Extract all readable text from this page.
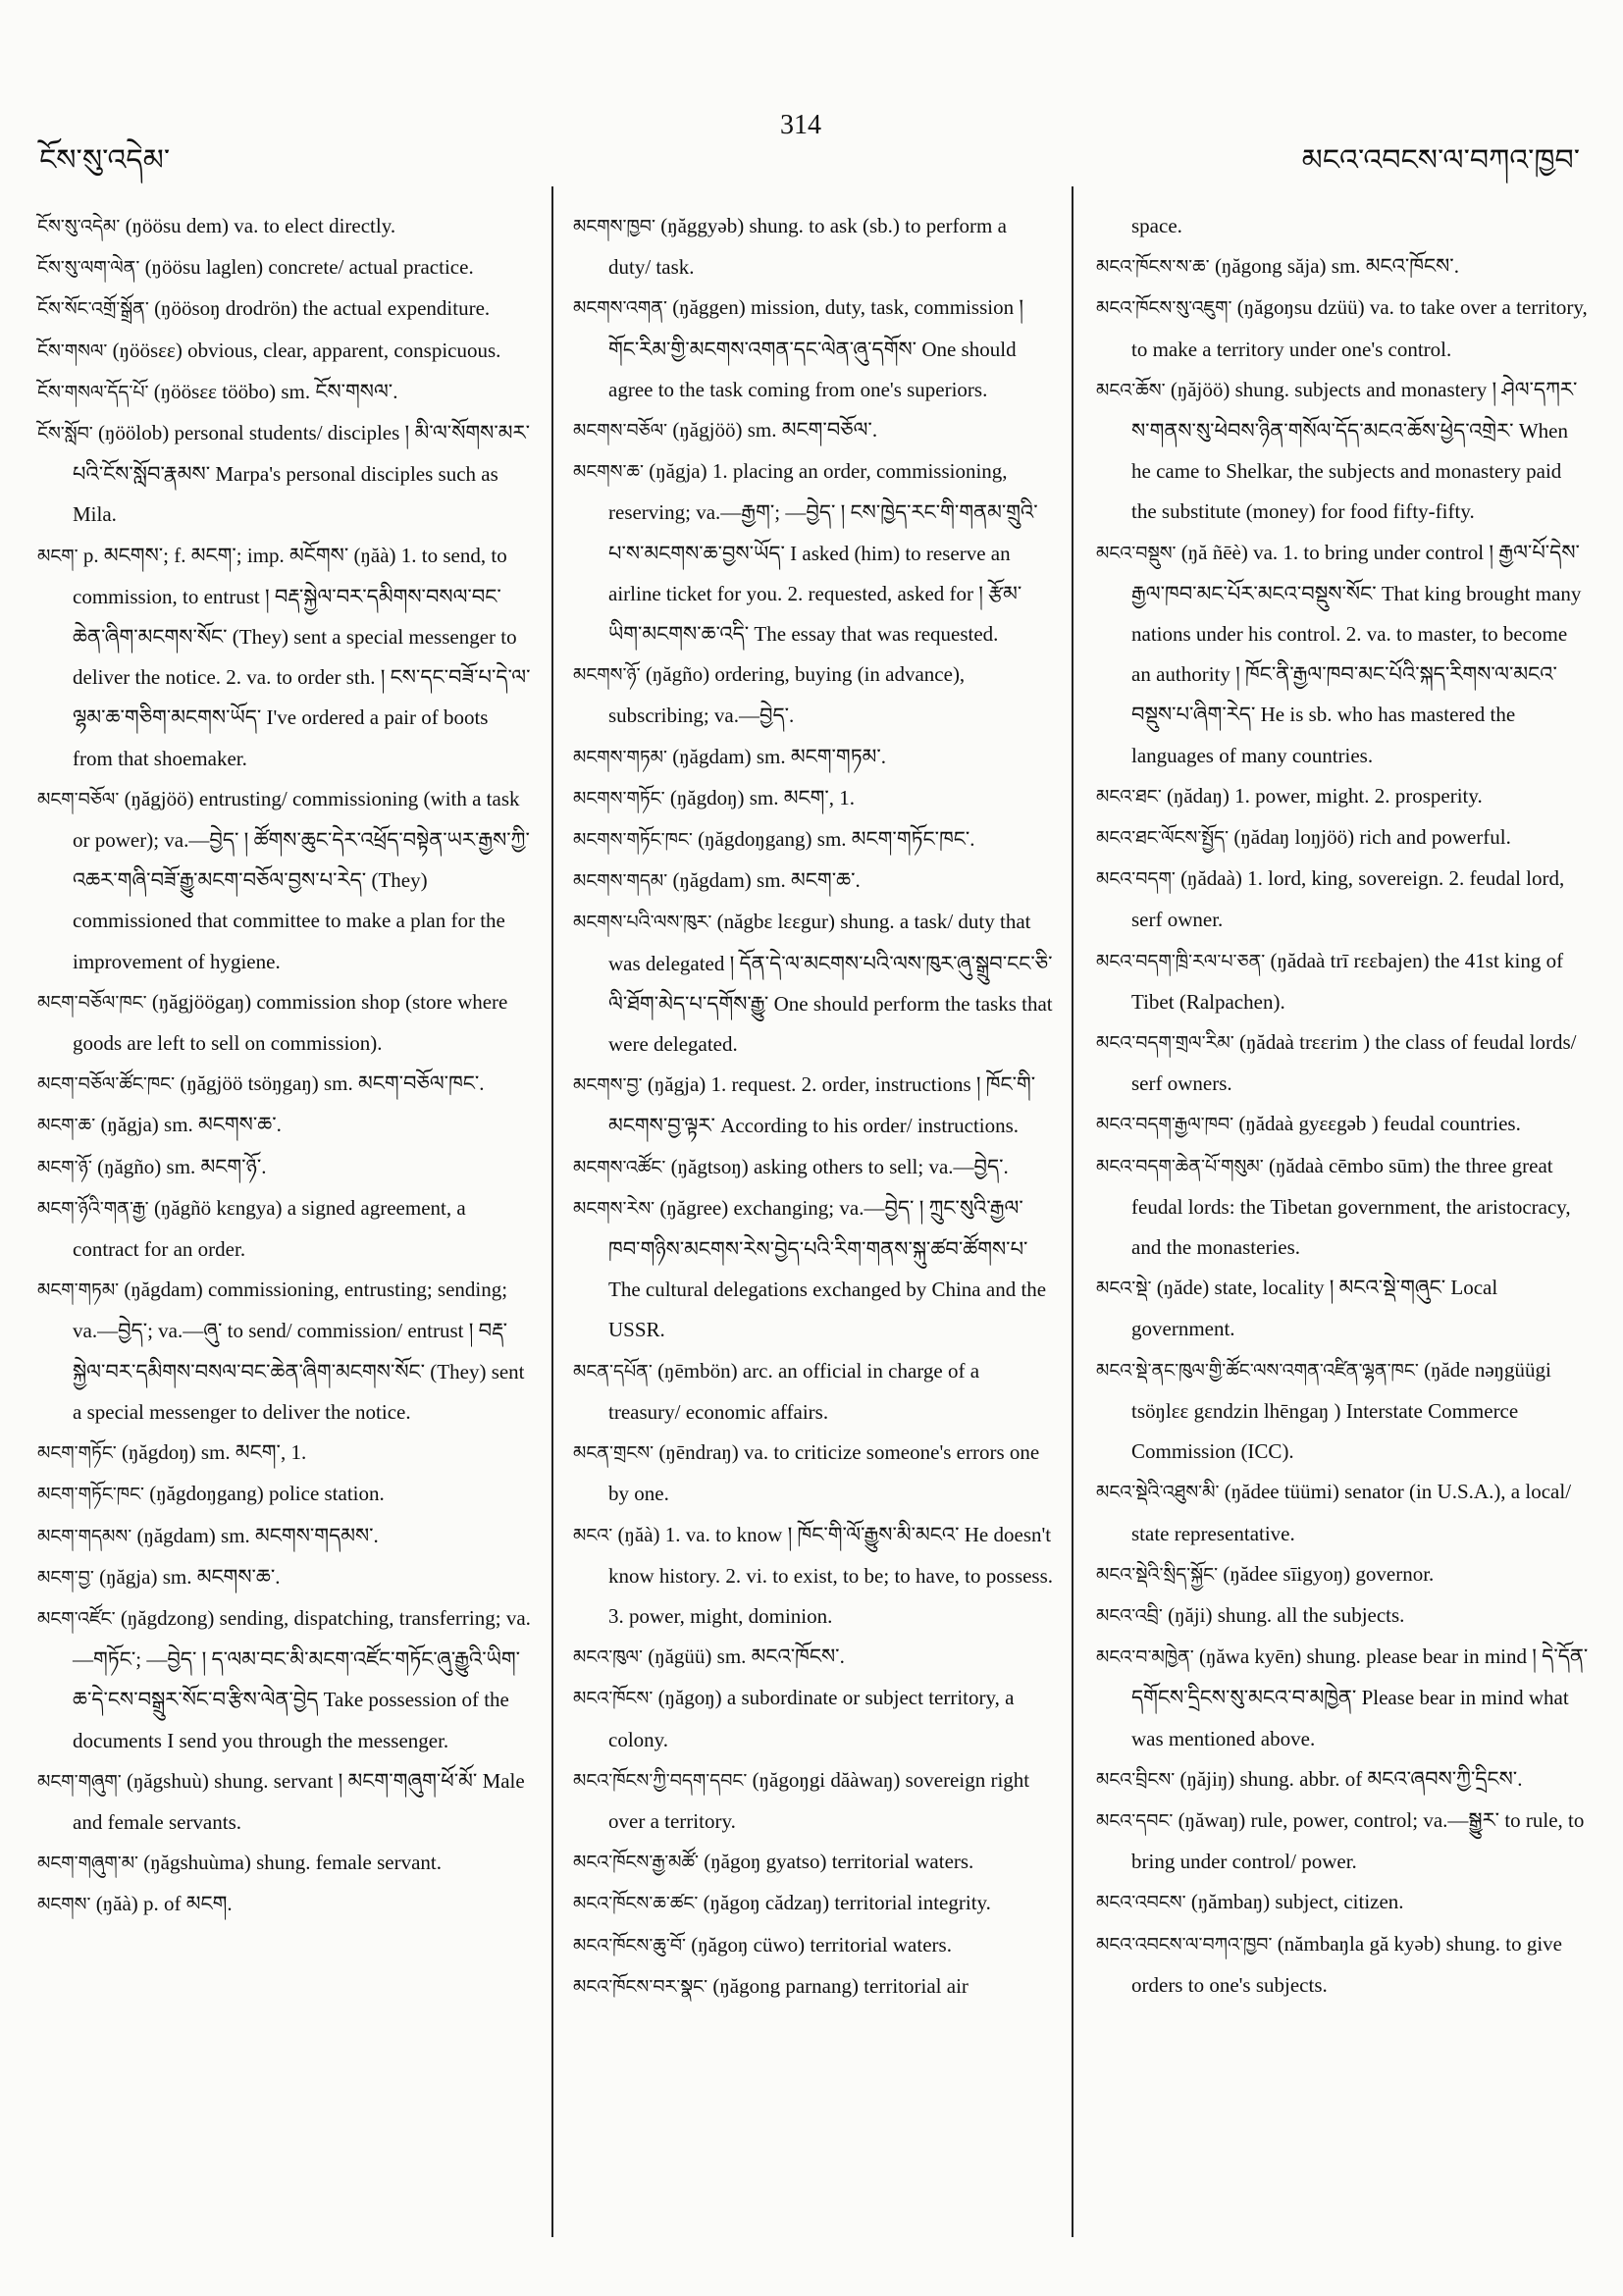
ངོས་སུ་འདེམ་
314
མངའ་འབངས་ལ་བཀའ་ཁྱབ་

ངོས་སུ་འདེམ་ (ŋöösu dem) va. to elect directly.

ངོས་སུ་ལག་ལེན་ (ŋöösu laglen) concrete/ actual practice.

ངོས་སོང་འགྲོ་སྒྲོན་ (ŋöösoŋ drodrön) the actual expenditure.

ངོས་གསལ་ (ŋöösεε) obvious, clear, apparent, conspicuous.

ངོས་གསལ་དོད་པོ་ (ŋöösεε tööbo) sm. ངོས་གསལ་.

ངོས་སློབ་ (ŋöölob) personal students/ disciples ། མི་ལ་སོགས་མར་པའི་ངོས་སློབ་རྣམས་ Marpa's personal disciples such as Mila.

མངག་ p. མངགས་; f. མངག་; imp. མངོགས་ (ŋăà) 1. to send, to commission, to entrust ། བརྡ་སྐྱེལ་བར་དམིགས་བསལ་བང་ཆེན་ཞིག་མངགས་སོང་ (They) sent a special messenger to deliver the notice. 2. va. to order sth. ། ངས་དང་བཟོ་པ་དེ་ལ་ལྷམ་ཆ་གཅིག་མངགས་ཡོད་ I've ordered a pair of boots from that shoemaker.

མངག་བཅོལ་ (ŋăgjöö) entrusting/ commissioning (with a task or power); va.—བྱེད་ ། ཚོགས་ཆུང་དེར་འཕྲོད་བསྟེན་ཡར་རྒྱས་ཀྱི་འཆར་གཞི་བཟོ་རྒྱུ་མངག་བཅོལ་བྱས་པ་རེད་ (They) commissioned that committee to make a plan for the improvement of hygiene.

མངག་བཅོལ་ཁང་ (ŋăgjöögaŋ) commission shop (store where goods are left to sell on commission).

མངག་བཅོལ་ཚོང་ཁང་ (ŋăgjöö tsöŋgaŋ) sm. མངག་བཅོལ་ཁང་.

མངག་ཆ་ (ŋăgja) sm. མངགས་ཆ་.

མངག་ཉོ་ (ŋăgño) sm. མངག་ཉོ་.

མངག་ཉོའི་གན་རྒྱ་ (ŋăgñö kεngya) a signed agreement, a contract for an order.

མངག་གཏམ་ (ŋăgdam) commissioning, entrusting; sending; va.—བྱེད་; va.—ཞུ་ to send/ commission/ entrust ། བརྡ་སྐྱེལ་བར་དམིགས་བསལ་བང་ཆེན་ཞིག་མངགས་སོང་ (They) sent a special messenger to deliver the notice.

མངག་གཏོང་ (ŋăgdoŋ) sm. མངག་, 1.

མངག་གཏོང་ཁང་ (ŋăgdoŋgang) police station.

མངག་གདམས་ (ŋăgdam) sm. མངགས་གདམས་.

མངག་བྱ་ (ŋăgja) sm. མངགས་ཆ་.

མངག་འཛོང་ (ŋăgdzong) sending, dispatching, transferring; va.—གཏོང་; —བྱེད་ ། ད་ལམ་བང་མི་མངག་འཛོང་གཏོང་ཞུ་རྒྱུའི་ཡིག་ཆ་དེ་ངས་བསྒྲུར་སོང་བ་རྩིས་ལེན་བྱེད Take possession of the documents I send you through the messenger.

མངག་གཞུག་ (ŋăgshuù) shung. servant ། མངག་གཞུག་ཕོ་མོ་ Male and female servants.

མངག་གཞུག་མ་ (ŋăgshuùma) shung. female servant.

མངགས་ (ŋăà) p. of མངག.

མངགས་ཁྱབ་ (ŋăggyəb) shung. to ask (sb.) to perform a duty/ task.

མངགས་འགན་ (ŋăggen) mission, duty, task, commission ། གོང་རིམ་གྱི་མངགས་འགན་དང་ལེན་ཞུ་དགོས་ One should agree to the task coming from one's superiors.

མངགས་བཅོལ་ (ŋăgjöö) sm. མངག་བཅོལ་.

མངགས་ཆ་ (ŋăgja) 1. placing an order, commissioning, reserving; va.—རྒྱག་; —བྱེད་ ། ངས་ཁྱེད་རང་གི་གནམ་གྲུའི་པ་ས་མངགས་ཆ་བྱས་ཡོད་ I asked (him) to reserve an airline ticket for you. 2. requested, asked for ། རྩོམ་ཡིག་མངགས་ཆ་འདི་ The essay that was requested.

མངགས་ཉོ་ (ŋăgño) ordering, buying (in advance), subscribing; va.—བྱེད་.

མངགས་གཏམ་ (ŋăgdam) sm. མངག་གཏམ་.

མངགས་གཏོང་ (ŋăgdoŋ) sm. མངག་, 1.

མངགས་གཏོང་ཁང་ (ŋăgdoŋgang) sm. མངག་གཏོང་ཁང་.

མངགས་གདམ་ (ŋăgdam) sm. མངག་ཆ་.

མངགས་པའི་ལས་ཁུར་ (năgbε lεεgur) shung. a task/ duty that was delegated ། དོན་དེ་ལ་མངགས་པའི་ལས་ཁུར་ཞུ་སྒྲུབ་ངང་ཅི་ལི་ཐོག་མེད་པ་དགོས་རྒྱུ་ One should perform the tasks that were delegated.

མངགས་བྱ་ (ŋăgja) 1. request. 2. order, instructions ། ཁོང་གི་མངགས་བྱ་ལྟར་ According to his order/ instructions.

མངགས་འཚོང་ (ŋăgtsoŋ) asking others to sell; va.—བྱེད་.

མངགས་རེས་ (ŋăgree) exchanging; va.—བྱེད་ ། ཀྲུང་སུའི་རྒྱལ་ཁབ་གཉིས་མངགས་རེས་བྱེད་པའི་རིག་གནས་སྐུ་ཚབ་ཚོགས་པ་ The cultural delegations exchanged by China and the USSR.

མངན་དཔོན་ (ŋēmbön) arc. an official in charge of a treasury/ economic affairs.

མངན་གྲངས་ (ŋēndraŋ) va. to criticize someone's errors one by one.

མངའ་ (ŋăà) 1. va. to know ། ཁོང་གི་ལོ་རྒྱུས་མི་མངའ་ He doesn't know history. 2. vi. to exist, to be; to have, to possess. 3. power, might, dominion.

མངའ་ཁུལ་ (ŋăgüü) sm. མངའ་ཁོངས་.

མངའ་ཁོངས་ (ŋăgoŋ) a subordinate or subject territory, a colony.

མངའ་ཁོངས་ཀྱི་བདག་དབང་ (ŋăgoŋgi dăàwaŋ) sovereign right over a territory.

མངའ་ཁོངས་རྒྱ་མཚོ་ (ŋăgoŋ gyatso) territorial waters.

མངའ་ཁོངས་ཆ་ཚང་ (ŋăgoŋ cădzaŋ) territorial integrity.

མངའ་ཁོངས་ཆུ་བོ་ (ŋăgoŋ cüwo) territorial waters.

མངའ་ཁོངས་བར་སྣང་ (ŋăgong parnang) territorial air

space.

མངའ་ཁོངས་ས་ཆ་ (ŋăgong săja) sm. མངའ་ཁོངས་.

མངའ་ཁོངས་སུ་འཇུག་ (ŋăgoŋsu dzüü) va. to take over a territory, to make a territory under one's control.

མངའ་ཆོས་ (ŋăjöö) shung. subjects and monastery ། ཤེལ་དཀར་ས་གནས་སུ་ཕེབས་ཉིན་གསོལ་དོད་མངའ་ཆོས་ཕྱེད་འགྲེར་ When he came to Shelkar, the subjects and monastery paid the substitute (money) for food fifty-fifty.

མངའ་བསྡུས་ (ŋă ñēè) va. 1. to bring under control ། རྒྱལ་པོ་དེས་རྒྱལ་ཁབ་མང་པོར་མངའ་བསྡུས་སོང་ That king brought many nations under his control. 2. va. to master, to become an authority ། ཁོང་ནི་རྒྱལ་ཁབ་མང་པོའི་སྐད་རིགས་ལ་མངའ་བསྡུས་པ་ཞིག་རེད་ He is sb. who has mastered the languages of many countries.

མངའ་ཐང་ (ŋădaŋ) 1. power, might. 2. prosperity.

མངའ་ཐང་ལོངས་སྤྱོད་ (ŋădaŋ loŋjöö) rich and powerful.

མངའ་བདག་ (ŋădaà) 1. lord, king, sovereign. 2. feudal lord, serf owner.

མངའ་བདག་ཁྲི་རལ་པ་ཅན་ (ŋădaà trī rεεbajen) the 41st king of Tibet (Ralpachen).

མངའ་བདག་གྲལ་རིམ་ (ŋădaà trεεrim ) the class of feudal lords/ serf owners.

མངའ་བདག་རྒྱལ་ཁབ་ (ŋădaà gyεεgəb ) feudal countries.

མངའ་བདག་ཆེན་པོ་གསུམ་ (ŋădaà cēmbo sūm) the three great feudal lords: the Tibetan government, the aristocracy, and the monasteries.

མངའ་སྡེ་ (ŋăde) state, locality ། མངའ་སྡེ་གཞུང་ Local government.

མངའ་སྡེ་ནང་ཁུལ་གྱི་ཚོང་ལས་འགན་འཛིན་ལྷན་ཁང་ (ŋăde nəŋgüügi tsöŋlεε gεndzin lhēngaŋ ) Interstate Commerce Commission (ICC).

མངའ་སྡེའི་འཐུས་མི་ (ŋădee tüümi) senator (in U.S.A.), a local/ state representative.

མངའ་སྡེའི་སྲིད་སྐྱོང་ (ŋădee sīigyoŋ) governor.

མངའ་འབྲི་ (ŋăji) shung. all the subjects.

མངའ་བ་མཁྱེན་ (ŋăwa kyēn) shung. please bear in mind ། དེ་དོན་དགོངས་དྲིངས་སུ་མངའ་བ་མཁྱེན་ Please bear in mind what was mentioned above.

མངའ་བྲིངས་ (ŋăjiŋ) shung. abbr. of མངའ་ཞབས་ཀྱི་དྲིངས་.

མངའ་དབང་ (ŋăwaŋ) rule, power, control; va.—སྒྱུར་ to rule, to bring under control/ power.

མངའ་འབངས་ (ŋămbaŋ) subject, citizen.

མངའ་འབངས་ལ་བཀའ་ཁྱབ་ (nămbaŋla gă kyəb) shung. to give orders to one's subjects.
